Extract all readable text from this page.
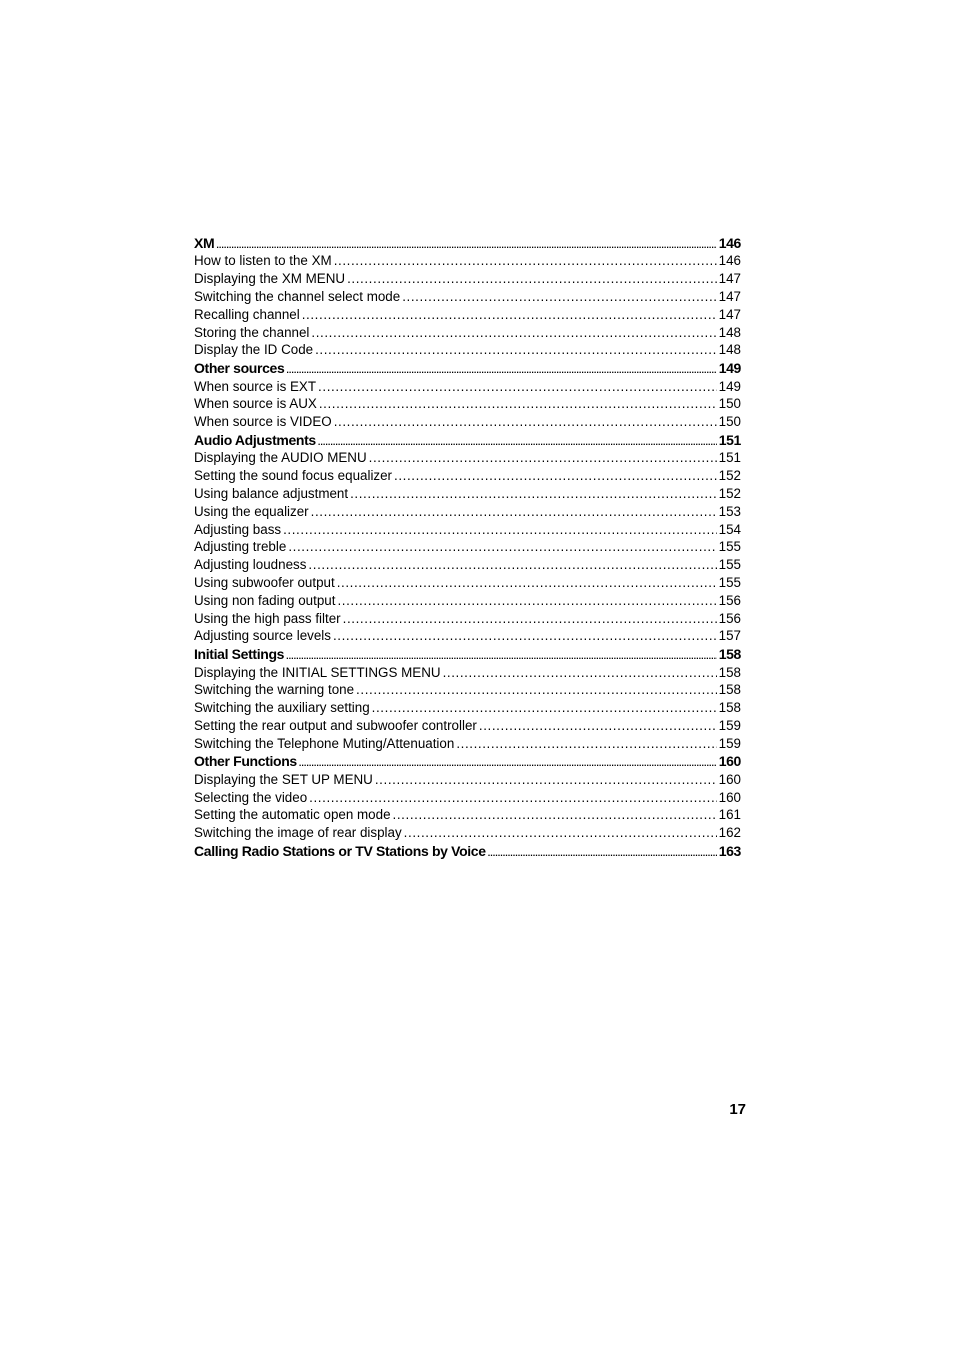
XM .....	146
How to listen to the XM .....	146
Displaying the XM MENU .....	147
Switching the channel select mode .....	147
Recalling channel .....	147
Storing the channel .....	148
Display the ID Code .....	148
Other sources .....	149
When source is EXT .....	149
When source is AUX .....	150
When source is VIDEO .....	150
Audio Adjustments .....	151
Displaying the AUDIO MENU .....	151
Setting the sound focus equalizer .....	152
Using balance adjustment .....	152
Using the equalizer .....	153
Adjusting bass .....	154
Adjusting treble .....	155
Adjusting loudness .....	155
Using subwoofer output .....	155
Using non fading output .....	156
Using the high pass filter .....	156
Adjusting source levels .....	157
Initial Settings .....	158
Displaying the INITIAL SETTINGS MENU .....	158
Switching the warning tone .....	158
Switching the auxiliary setting .....	158
Setting the rear output and subwoofer controller .....	159
Switching the Telephone Muting/Attenuation .....	159
Other Functions .....	160
Displaying the SET UP MENU .....	160
Selecting the video .....	160
Setting the automatic open mode .....	161
Switching the image of rear display .....	162
Calling Radio Stations or TV Stations by Voice .....	163
17
